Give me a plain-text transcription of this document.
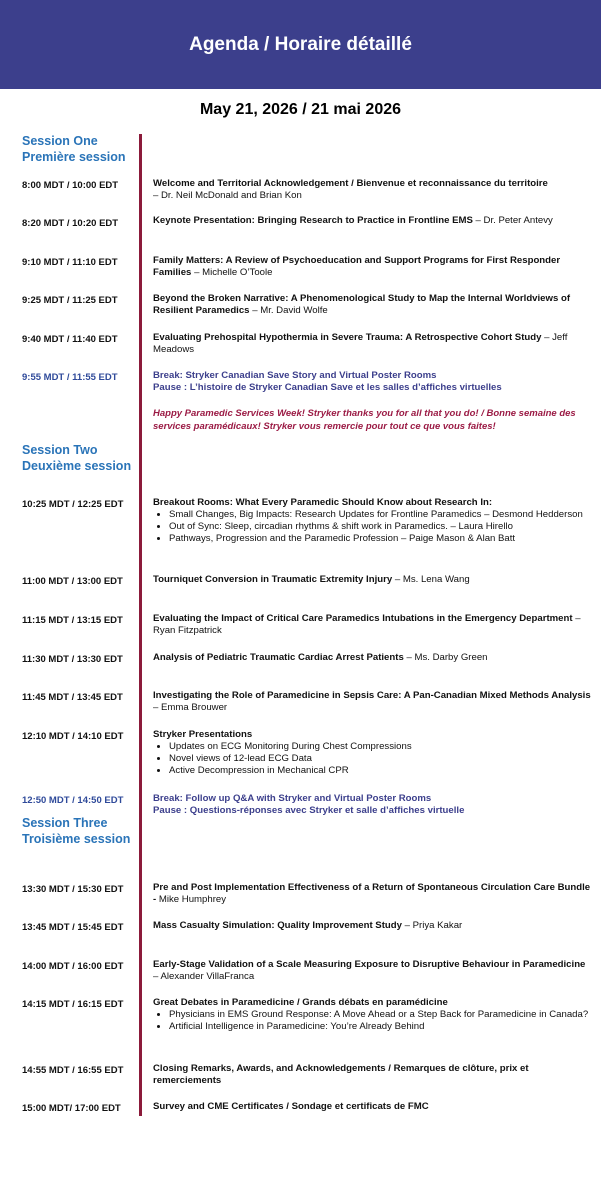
Agenda / Horaire détaillé
May 21, 2026 / 21 mai 2026
Session One
Première session
8:00 MDT / 10:00 EDT	Welcome and Territorial Acknowledgement / Bienvenue et reconnaissance du territoire
– Dr. Neil McDonald and Brian Kon
8:20 MDT / 10:20 EDT	Keynote Presentation: Bringing Research to Practice in Frontline EMS – Dr. Peter Antevy
9:10 MDT / 11:10 EDT	Family Matters: A Review of Psychoeducation and Support Programs for First Responder Families – Michelle O’Toole
9:25 MDT / 11:25 EDT	Beyond the Broken Narrative: A Phenomenological Study to Map the Internal Worldviews of Resilient Paramedics – Mr. David Wolfe
9:40 MDT / 11:40 EDT	Evaluating Prehospital Hypothermia in Severe Trauma: A Retrospective Cohort Study – Jeff Meadows
9:55 MDT / 11:55 EDT	Break: Stryker Canadian Save Story and Virtual Poster Rooms
Pause : L’histoire de Stryker Canadian Save et les salles d’affiches virtuelles
Happy Paramedic Services Week! Stryker thanks you for all that you do! / Bonne semaine des services paramédicaux! Stryker vous remercie pour tout ce que vous faites!
Session Two
Deuxième session
10:25 MDT / 12:25 EDT	Breakout Rooms: What Every Paramedic Should Know about Research In:
• Small Changes, Big Impacts: Research Updates for Frontline Paramedics – Desmond Hedderson
• Out of Sync: Sleep, circadian rhythms & shift work in Paramedics. – Laura Hirello
• Pathways, Progression and the Paramedic Profession – Paige Mason & Alan Batt
11:00 MDT / 13:00 EDT	Tourniquet Conversion in Traumatic Extremity Injury – Ms. Lena Wang
11:15 MDT / 13:15 EDT	Evaluating the Impact of Critical Care Paramedics Intubations in the Emergency Department – Ryan Fitzpatrick
11:30 MDT / 13:30 EDT	Analysis of Pediatric Traumatic Cardiac Arrest Patients – Ms. Darby Green
11:45 MDT / 13:45 EDT	Investigating the Role of Paramedicine in Sepsis Care: A Pan-Canadian Mixed Methods Analysis – Emma Brouwer
12:10 MDT / 14:10 EDT	Stryker Presentations
• Updates on ECG Monitoring During Chest Compressions
• Novel views of 12-lead ECG Data
• Active Decompression in Mechanical CPR
12:50 MDT / 14:50 EDT	Break: Follow up Q&A with Stryker and Virtual Poster Rooms
Pause : Questions-réponses avec Stryker et salle d’affiches virtuelle
Session Three
Troisième session
13:30 MDT / 15:30 EDT	Pre and Post Implementation Effectiveness of a Return of Spontaneous Circulation Care Bundle - Mike Humphrey
13:45 MDT / 15:45 EDT	Mass Casualty Simulation: Quality Improvement Study – Priya Kakar
14:00 MDT / 16:00 EDT	Early-Stage Validation of a Scale Measuring Exposure to Disruptive Behaviour in Paramedicine – Alexander VillaFranca
14:15 MDT / 16:15 EDT	Great Debates in Paramedicine / Grands débats en paramédicine
• Physicians in EMS Ground Response: A Move Ahead or a Step Back for Paramedicine in Canada?
• Artificial Intelligence in Paramedicine: You’re Already Behind
14:55 MDT / 16:55 EDT	Closing Remarks, Awards, and Acknowledgements / Remarques de clôture, prix et remerciements
15:00 MDT/ 17:00 EDT	Survey and CME Certificates / Sondage et certificats de FMC
